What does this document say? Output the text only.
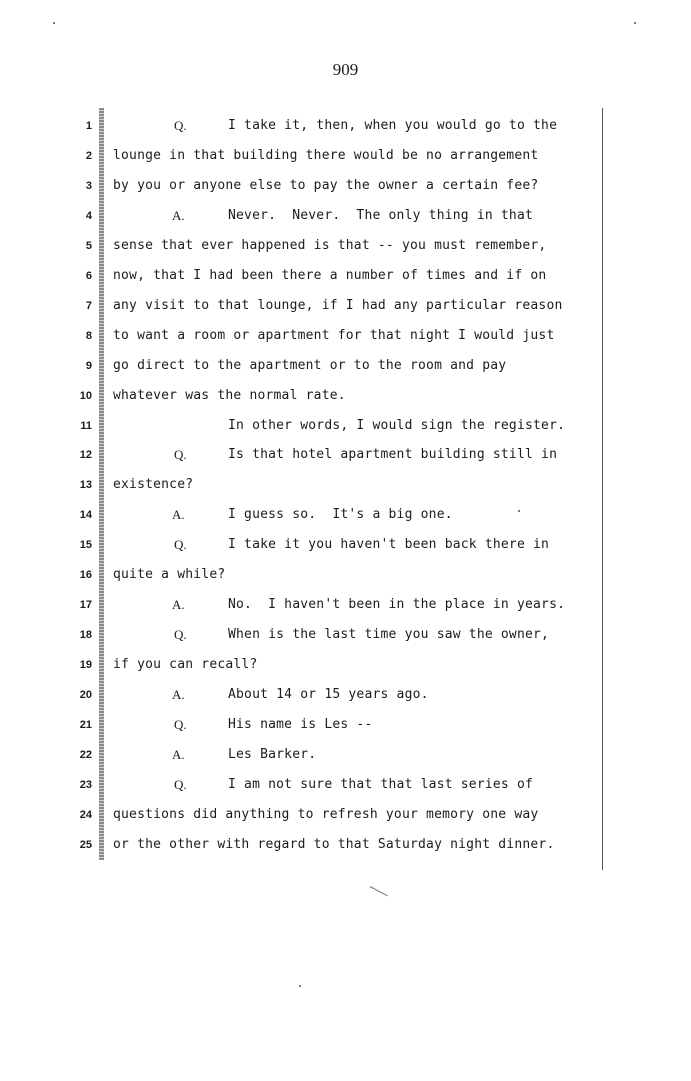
909
1	Q.	I take it, then, when you would go to the
2 lounge in that building there would be no arrangement
3 by you or anyone else to pay the owner a certain fee?
4	A.	Never.  Never.  The only thing in that
5 sense that ever happened is that -- you must remember,
6 now, that I had been there a number of times and if on
7 any visit to that lounge, if I had any particular reason
8 to want a room or apartment for that night I would just
9 go direct to the apartment or to the room and pay
10 whatever was the normal rate.
11	In other words, I would sign the register.
12	Q.	Is that hotel apartment building still in
13 existence?
14	A.	I guess so.  It's a big one.
15	Q.	I take it you haven't been back there in
16 quite a while?
17	A.	No.  I haven't been in the place in years.
18	Q.	When is the last time you saw the owner,
19 if you can recall?
20	A.	About 14 or 15 years ago.
21	Q.	His name is Les --
22	A.	Les Barker.
23	Q.	I am not sure that that last series of
24 questions did anything to refresh your memory one way
25 or the other with regard to that Saturday night dinner.
